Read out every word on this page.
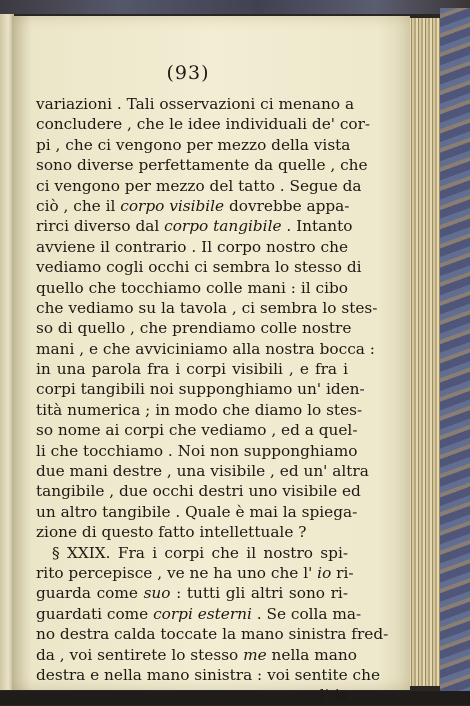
(93)
variazioni . Tali osservazioni ci menano a
concludere , che le idee individuali de' cor-
pi , che ci vengono per mezzo della vista
sono diverse perfettamente da quelle , che
ci vengono per mezzo del tatto . Segue da
ciò , che il corpo visibile dovrebbe appa-
rirci diverso dal corpo tangibile . Intanto
avviene il contrario . Il corpo nostro che
vediamo cogli occhi ci sembra lo stesso di
quello che tocchiamo colle mani : il cibo
che vediamo su la tavola , ci sembra lo stes-
so di quello , che prendiamo colle nostre
mani , e che avviciniamo alla nostra bocca :
in una parola fra i corpi visibili , e fra i
corpi tangibili noi supponghiamo un' iden-
tità numerica ; in modo che diamo lo stes-
so nome ai corpi che vediamo , ed a quel-
li che tocchiamo . Noi non supponghiamo
due mani destre , una visibile , ed un' altra
tangibile , due occhi destri uno visibile ed
un altro tangibile . Quale è mai la spiega-
zione di questo fatto intellettuale ?
§ XXIX. Fra i corpi che il nostro spi-
rito percepisce , ve ne ha uno che l' io ri-
guarda come suo : tutti gli altri sono ri-
guardati come corpi esterni . Se colla ma-
no destra calda toccate la mano sinistra fred-
da , voi sentirete lo stesso me nella mano
destra e nella mano sinistra : voi sentite che
l' io
